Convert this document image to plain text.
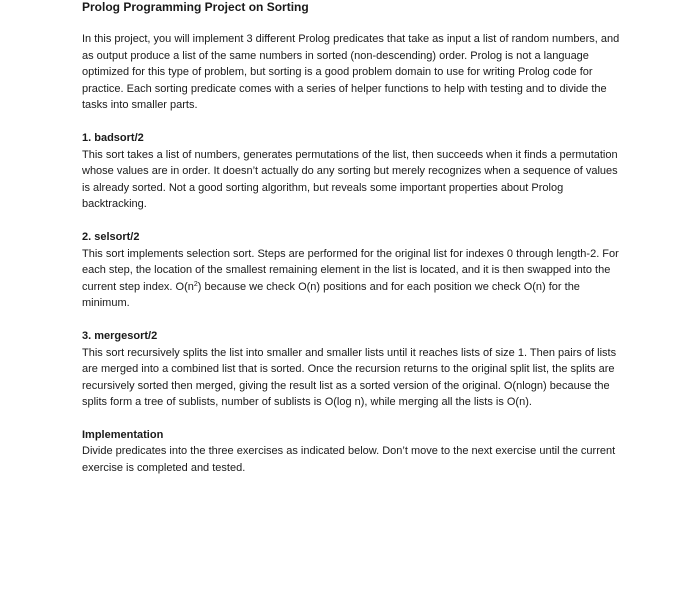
Prolog Programming Project on Sorting

In this project, you will implement 3 different Prolog predicates that take as input a list of random numbers, and as output produce a list of the same numbers in sorted (non-descending) order. Prolog is not a language optimized for this type of problem, but sorting is a good problem domain to use for writing Prolog code for practice. Each sorting predicate comes with a series of helper functions to help with testing and to divide the tasks into smaller parts.

1. badsort/2

This sort takes a list of numbers, generates permutations of the list, then succeeds when it finds a permutation whose values are in order. It doesn’t actually do any sorting but merely recognizes when a sequence of values is already sorted. Not a good sorting algorithm, but reveals some important properties about Prolog backtracking.

2. selsort/2

This sort implements selection sort. Steps are performed for the original list for indexes 0 through length-2. For each step, the location of the smallest remaining element in the list is located, and it is then swapped into the current step index. $O(n^2)$ because we check O(n) positions and for each position we check O(n) for the minimum.

3. mergesort/2

This sort recursively splits the list into smaller and smaller lists until it reaches lists of size 1. Then pairs of lists are merged into a combined list that is sorted. Once the recursion returns to the original split list, the splits are recursively sorted then merged, giving the result list as a sorted version of the original. O(nlogn) because the splits form a tree of sublists, number of sublists is O(log n), while merging all the lists is O(n).

Implementation

Divide predicates into the three exercises as indicated below. Don’t move to the next exercise until the current exercise is completed and tested.
